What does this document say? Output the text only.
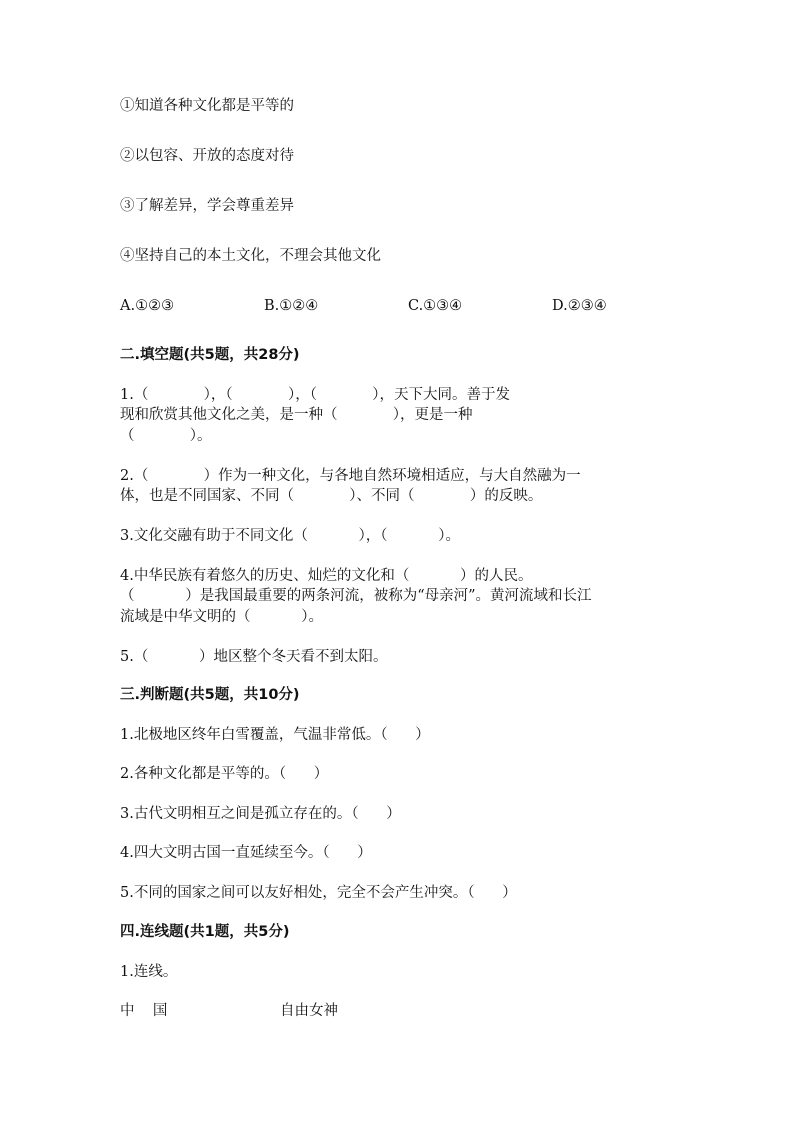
①知道各种文化都是平等的
②以包容、开放的态度对待
③了解差异，学会尊重差异
④坚持自己的本土文化，不理会其他文化
A.①②③	B.①②④	C.①③④	D.②③④
二.填空题(共5题，共28分)
1.（            ），（            ），（            ），天下大同。善于发
现和欣赏其他文化之美，是一种（            ），更是一种
（            ）。
2.（            ）作为一种文化，与各地自然环境相适应，与大自然融为一
体，也是不同国家、不同（            ）、不同（            ）的反映。
3.文化交融有助于不同文化（           ），（           ）。
4.中华民族有着悠久的历史、灿烂的文化和（           ）的人民。
（           ）是我国最重要的两条河流，被称为“母亲河”。黄河流域和长江
流域是中华文明的（           ）。
5.（           ）地区整个冬天看不到太阳。
三.判断题(共5题，共10分)
1.北极地区终年白雪覆盖，气温非常低。（      ）
2.各种文化都是平等的。（      ）
3.古代文明相互之间是孤立存在的。（      ）
4.四大文明古国一直延续至今。（      ）
5.不同的国家之间可以友好相处，完全不会产生冲突。（      ）
四.连线题(共1题，共5分)
1.连线。
中    国	自由女神
